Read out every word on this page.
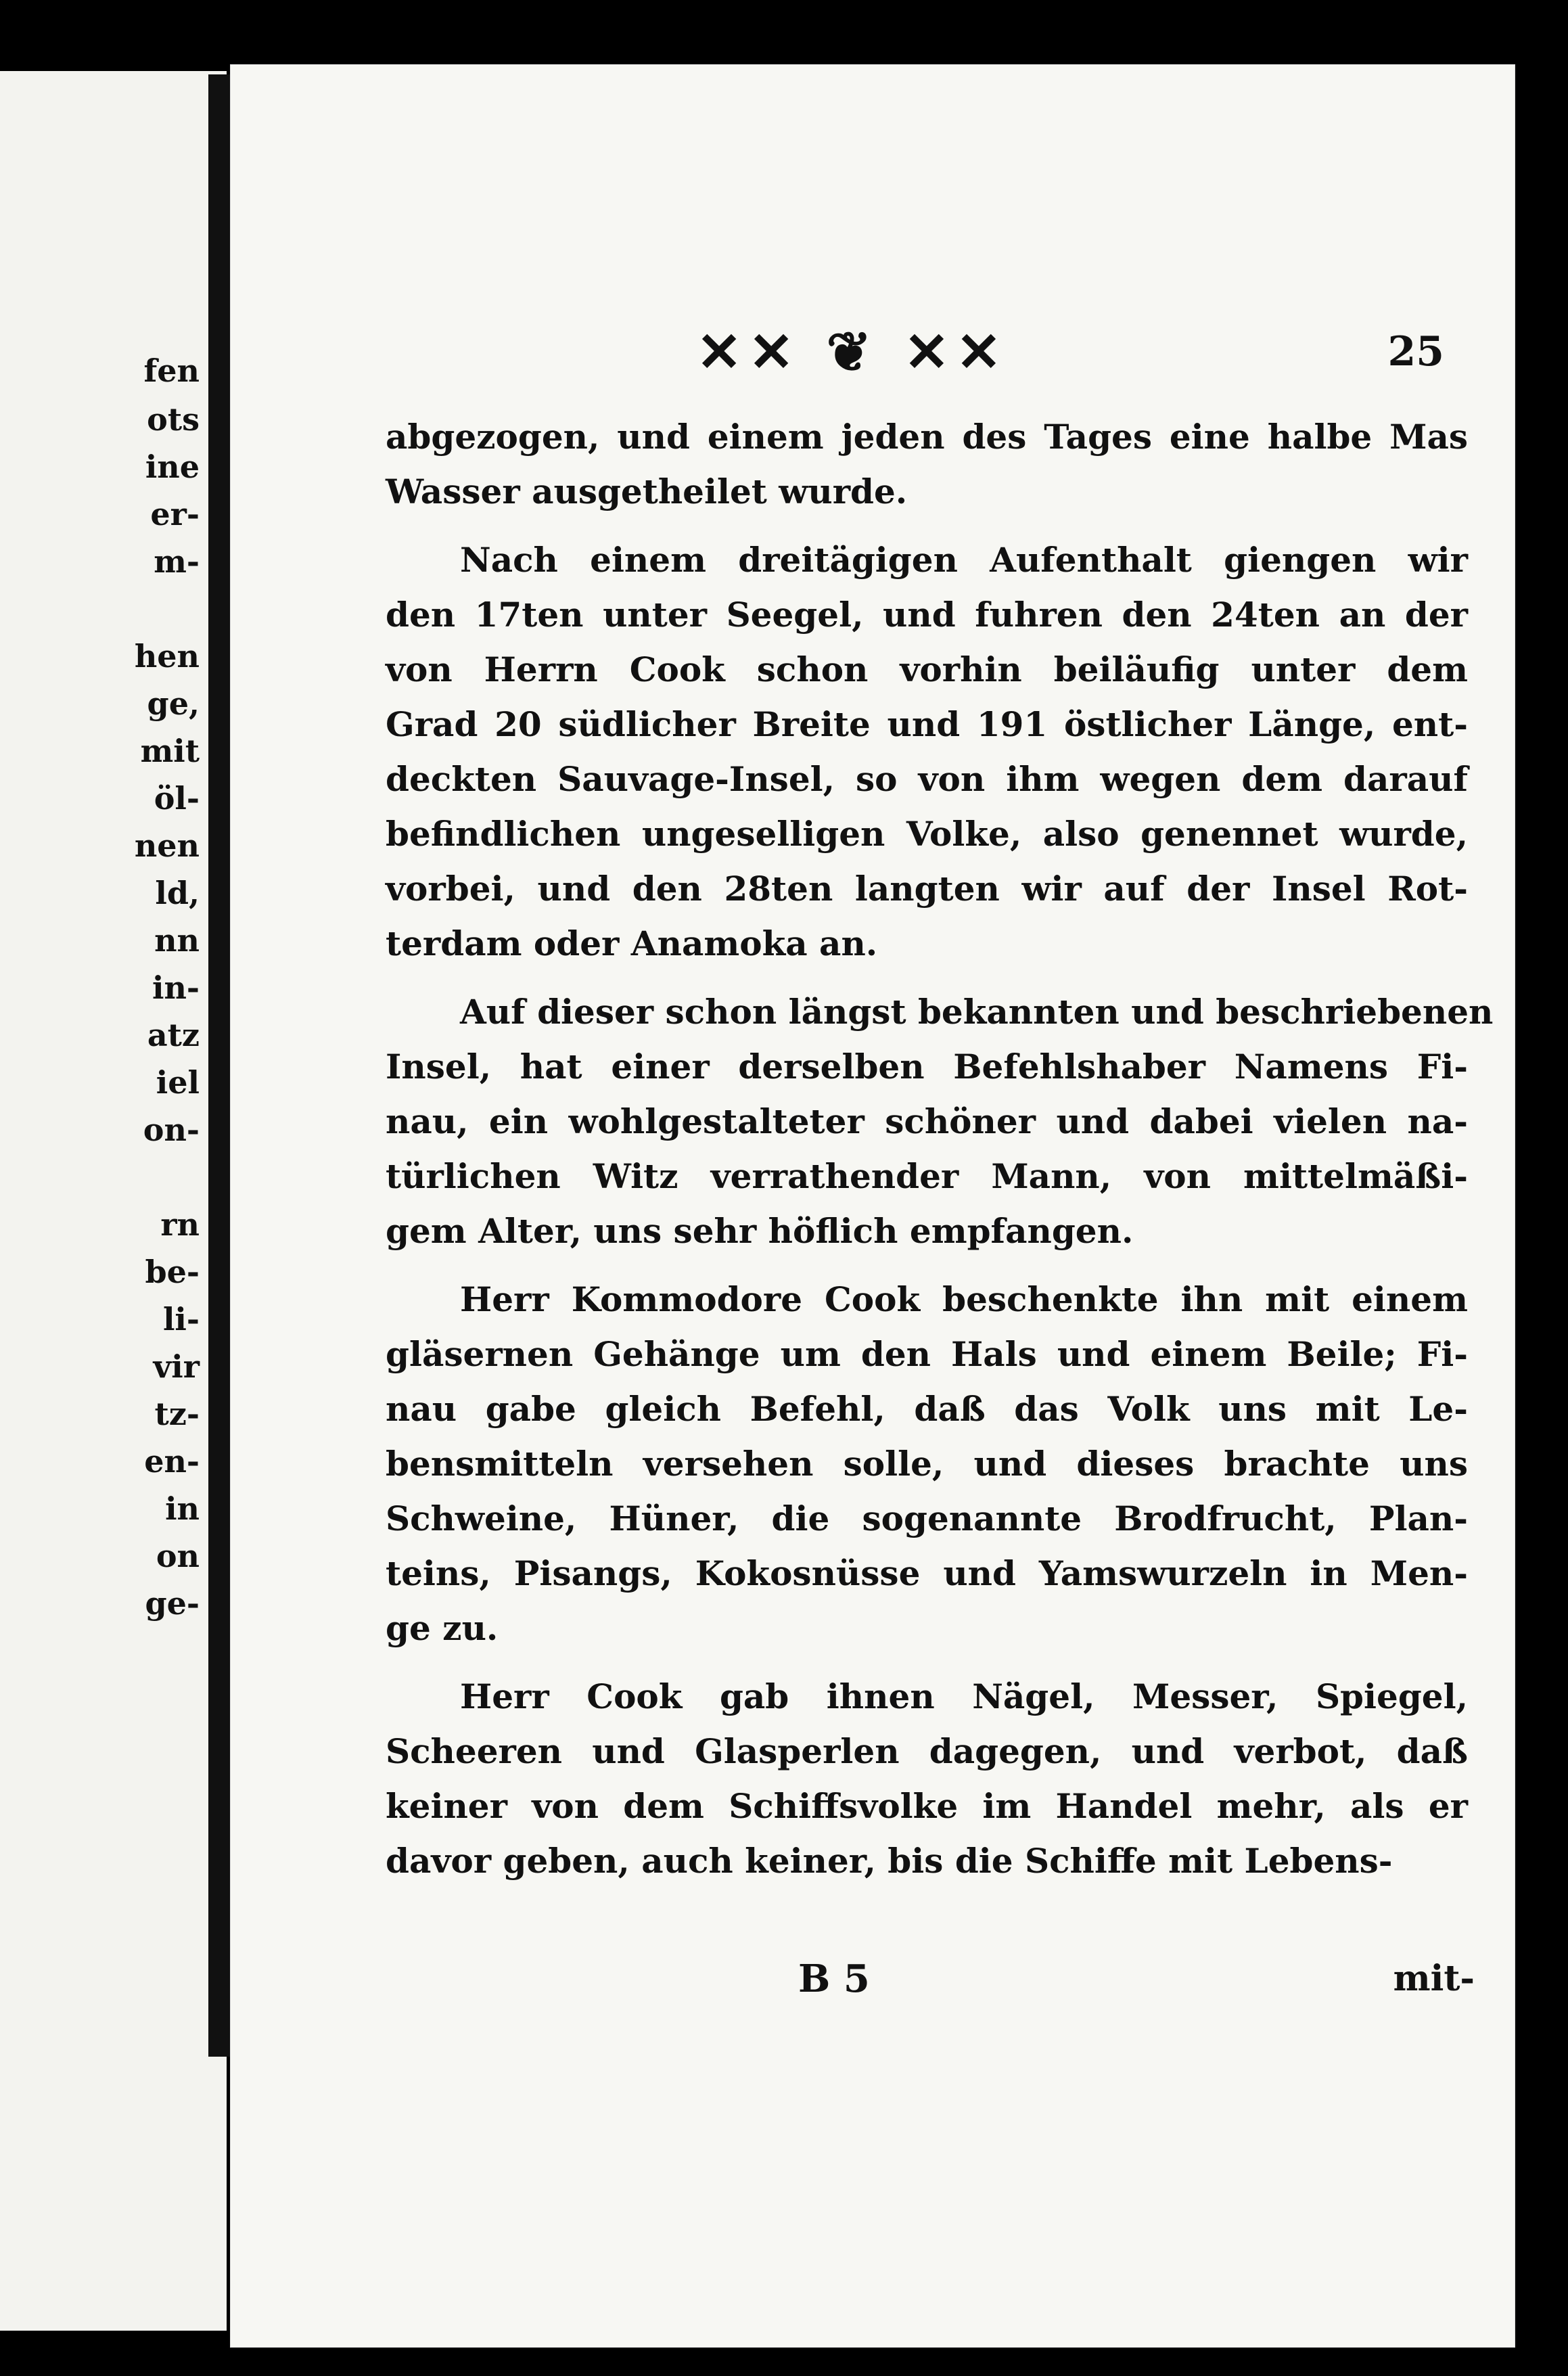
fen
ots
ine
er-
m-
hen
ge,
mit
öl-
nen
ld,
nn
in-
atz
iel
on-
rn
be-
li-
vir
tz-
en-
in
on
ge-
✕✕ ❦ ✕✕	25
abgezogen, und einem jeden des Tages eine halbe Mas
Wasser ausgetheilet wurde.
Nach einem dreitägigen Aufenthalt giengen wir
den 17ten unter Seegel, und fuhren den 24ten an der
von Herrn Cook schon vorhin beiläufig unter dem
Grad 20 südlicher Breite und 191 östlicher Länge, ent-
deckten Sauvage-Insel, so von ihm wegen dem darauf
befindlichen ungeselligen Volke, also genennet wurde,
vorbei, und den 28ten langten wir auf der Insel Rot-
terdam oder Anamoka an.
Auf dieser schon längst bekannten und beschriebenen
Insel, hat einer derselben Befehlshaber Namens Fi-
nau, ein wohlgestalteter schöner und dabei vielen na-
türlichen Witz verrathender Mann, von mittelmäßi-
gem Alter, uns sehr höflich empfangen.
Herr Kommodore Cook beschenkte ihn mit einem
gläsernen Gehänge um den Hals und einem Beile; Fi-
nau gabe gleich Befehl, daß das Volk uns mit Le-
bensmitteln versehen solle, und dieses brachte uns
Schweine, Hüner, die sogenannte Brodfrucht, Plan-
teins, Pisangs, Kokosnüsse und Yamswurzeln in Men-
ge zu.
Herr Cook gab ihnen Nägel, Messer, Spiegel,
Scheeren und Glasperlen dagegen, und verbot, daß
keiner von dem Schiffsvolke im Handel mehr, als er
davor geben, auch keiner, bis die Schiffe mit Lebens-
B 5	mit-
